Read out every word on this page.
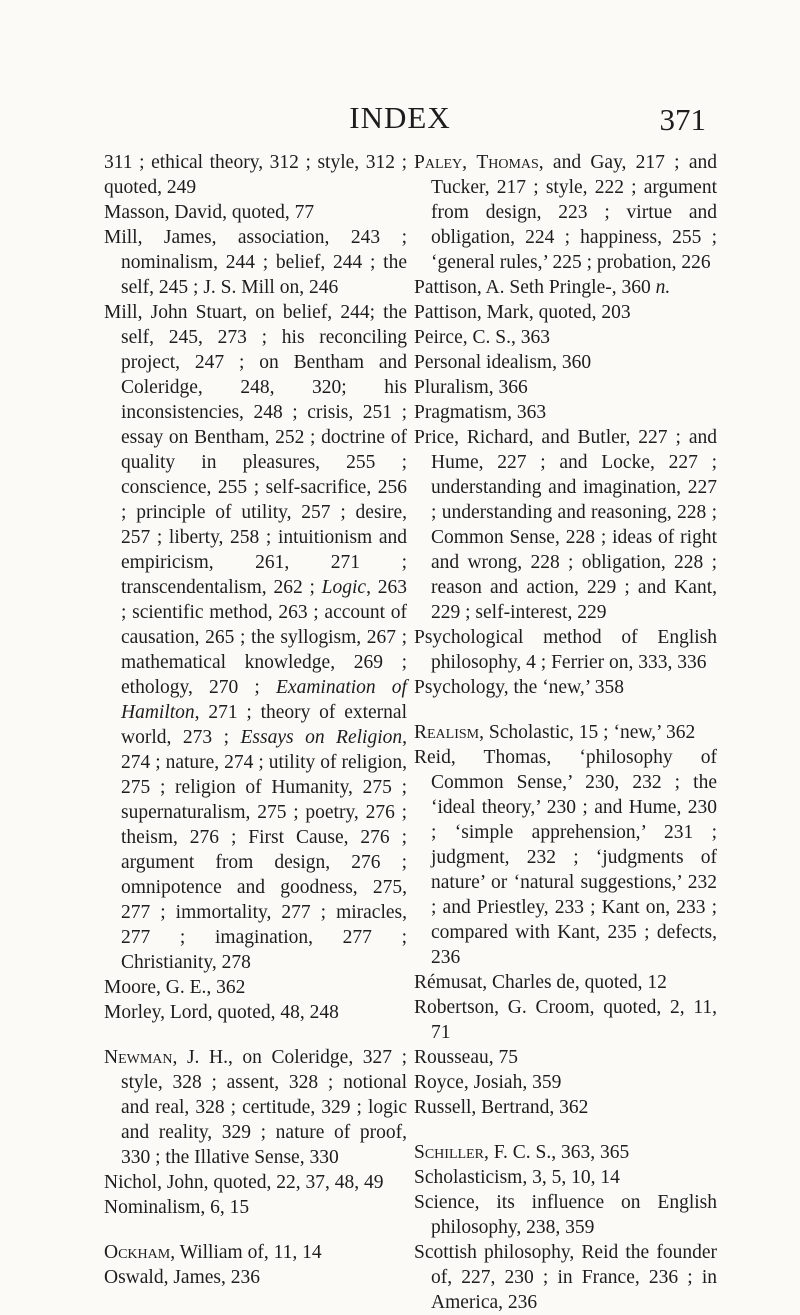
INDEX	371
311 ; ethical theory, 312 ; style, 312 ; quoted, 249
Masson, David, quoted, 77
Mill, James, association, 243 ; nominalism, 244 ; belief, 244 ; the self, 245 ; J. S. Mill on, 246
Mill, John Stuart, on belief, 244; the self, 245, 273 ; his reconciling project, 247 ; on Bentham and Coleridge, 248, 320; his inconsistencies, 248 ; crisis, 251 ; essay on Bentham, 252 ; doctrine of quality in pleasures, 255 ; conscience, 255 ; self-sacrifice, 256 ; principle of utility, 257 ; desire, 257 ; liberty, 258 ; intuitionism and empiricism, 261, 271 ; transcendentalism, 262 ; Logic, 263 ; scientific method, 263 ; account of causation, 265 ; the syllogism, 267 ; mathematical knowledge, 269 ; ethology, 270 ; Examination of Hamilton, 271 ; theory of external world, 273 ; Essays on Religion, 274 ; nature, 274 ; utility of religion, 275 ; religion of Humanity, 275 ; supernaturalism, 275 ; poetry, 276 ; theism, 276 ; First Cause, 276 ; argument from design, 276 ; omnipotence and goodness, 275, 277 ; immortality, 277 ; miracles, 277 ; imagination, 277 ; Christianity, 278
Moore, G. E., 362
Morley, Lord, quoted, 48, 248
Newman, J. H., on Coleridge, 327 ; style, 328 ; assent, 328 ; notional and real, 328 ; certitude, 329 ; logic and reality, 329 ; nature of proof, 330 ; the Illative Sense, 330
Nichol, John, quoted, 22, 37, 48, 49
Nominalism, 6, 15
Ockham, William of, 11, 14
Oswald, James, 236
Paley, Thomas, and Gay, 217 ; and Tucker, 217 ; style, 222 ; argument from design, 223 ; virtue and obligation, 224 ; happiness, 255 ; ‘general rules,’ 225 ; probation, 226
Pattison, A. Seth Pringle-, 360 n.
Pattison, Mark, quoted, 203
Peirce, C. S., 363
Personal idealism, 360
Pluralism, 366
Pragmatism, 363
Price, Richard, and Butler, 227 ; and Hume, 227 ; and Locke, 227 ; understanding and imagination, 227 ; understanding and reasoning, 228 ; Common Sense, 228 ; ideas of right and wrong, 228 ; obligation, 228 ; reason and action, 229 ; and Kant, 229 ; self-interest, 229
Psychological method of English philosophy, 4 ; Ferrier on, 333, 336
Psychology, the ‘new,’ 358
Realism, Scholastic, 15 ; ‘new,’ 362
Reid, Thomas, ‘philosophy of Common Sense,’ 230, 232 ; the ‘ideal theory,’ 230 ; and Hume, 230 ; ‘simple apprehension,’ 231 ; judgment, 232 ; ‘judgments of nature’ or ‘natural suggestions,’ 232 ; and Priestley, 233 ; Kant on, 233 ; compared with Kant, 235 ; defects, 236
Rémusat, Charles de, quoted, 12
Robertson, G. Croom, quoted, 2, 11, 71
Rousseau, 75
Royce, Josiah, 359
Russell, Bertrand, 362
Schiller, F. C. S., 363, 365
Scholasticism, 3, 5, 10, 14
Science, its influence on English philosophy, 238, 359
Scottish philosophy, Reid the founder of, 227, 230 ; in France, 236 ; in America, 236
